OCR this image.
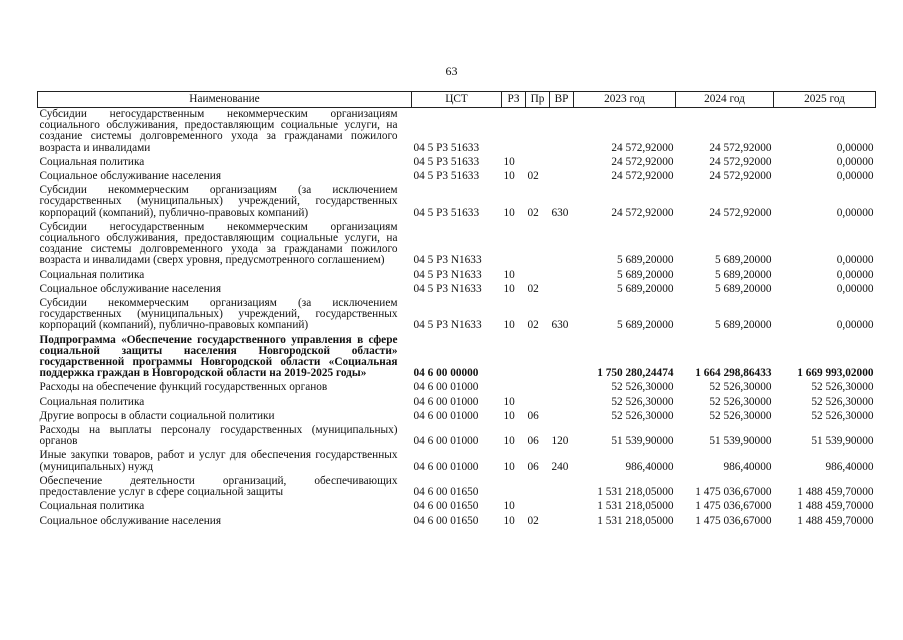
63
Наименование	ЦСТ	РЗ	Пр	ВР	2023 год	2024 год	2025 год
Субсидии негосударственным некоммерческим организациям социального обслуживания, предоставляющим социальные услуги, на создание системы долговременного ухода за гражданами пожилого возраста и инвалидами	04 5 P3 51633				24 572,92000	24 572,92000	0,00000
Социальная политика	04 5 P3 51633	10			24 572,92000	24 572,92000	0,00000
Социальное обслуживание населения	04 5 P3 51633	10	02		24 572,92000	24 572,92000	0,00000
Субсидии некоммерческим организациям (за исключением государственных (муниципальных) учреждений, государственных корпораций (компаний), публично-правовых компаний)	04 5 P3 51633	10	02	630	24 572,92000	24 572,92000	0,00000
Субсидии негосударственным некоммерческим организациям социального обслуживания, предоставляющим социальные услуги, на создание системы долговременного ухода за гражданами пожилого возраста и инвалидами (сверх уровня, предусмотренного соглашением)	04 5 P3 N1633				5 689,20000	5 689,20000	0,00000
Социальная политика	04 5 P3 N1633	10			5 689,20000	5 689,20000	0,00000
Социальное обслуживание населения	04 5 P3 N1633	10	02		5 689,20000	5 689,20000	0,00000
Субсидии некоммерческим организациям (за исключением государственных (муниципальных) учреждений, государственных корпораций (компаний), публично-правовых компаний)	04 5 P3 N1633	10	02	630	5 689,20000	5 689,20000	0,00000
Подпрограмма «Обеспечение государственного управления в сфере социальной защиты населения Новгородской области» государственной программы Новгородской области «Социальная поддержка граждан в Новгородской области на 2019-2025 годы»	04 6 00 00000				1 750 280,24474	1 664 298,86433	1 669 993,02000
Расходы на обеспечение функций государственных органов	04 6 00 01000				52 526,30000	52 526,30000	52 526,30000
Социальная политика	04 6 00 01000	10			52 526,30000	52 526,30000	52 526,30000
Другие вопросы в области социальной политики	04 6 00 01000	10	06		52 526,30000	52 526,30000	52 526,30000
Расходы на выплаты персоналу государственных (муниципальных) органов	04 6 00 01000	10	06	120	51 539,90000	51 539,90000	51 539,90000
Иные закупки товаров, работ и услуг для обеспечения государственных (муниципальных) нужд	04 6 00 01000	10	06	240	986,40000	986,40000	986,40000
Обеспечение деятельности организаций, обеспечивающих предоставление услуг в сфере социальной защиты	04 6 00 01650				1 531 218,05000	1 475 036,67000	1 488 459,70000
Социальная политика	04 6 00 01650	10			1 531 218,05000	1 475 036,67000	1 488 459,70000
Социальное обслуживание населения	04 6 00 01650	10	02		1 531 218,05000	1 475 036,67000	1 488 459,70000
